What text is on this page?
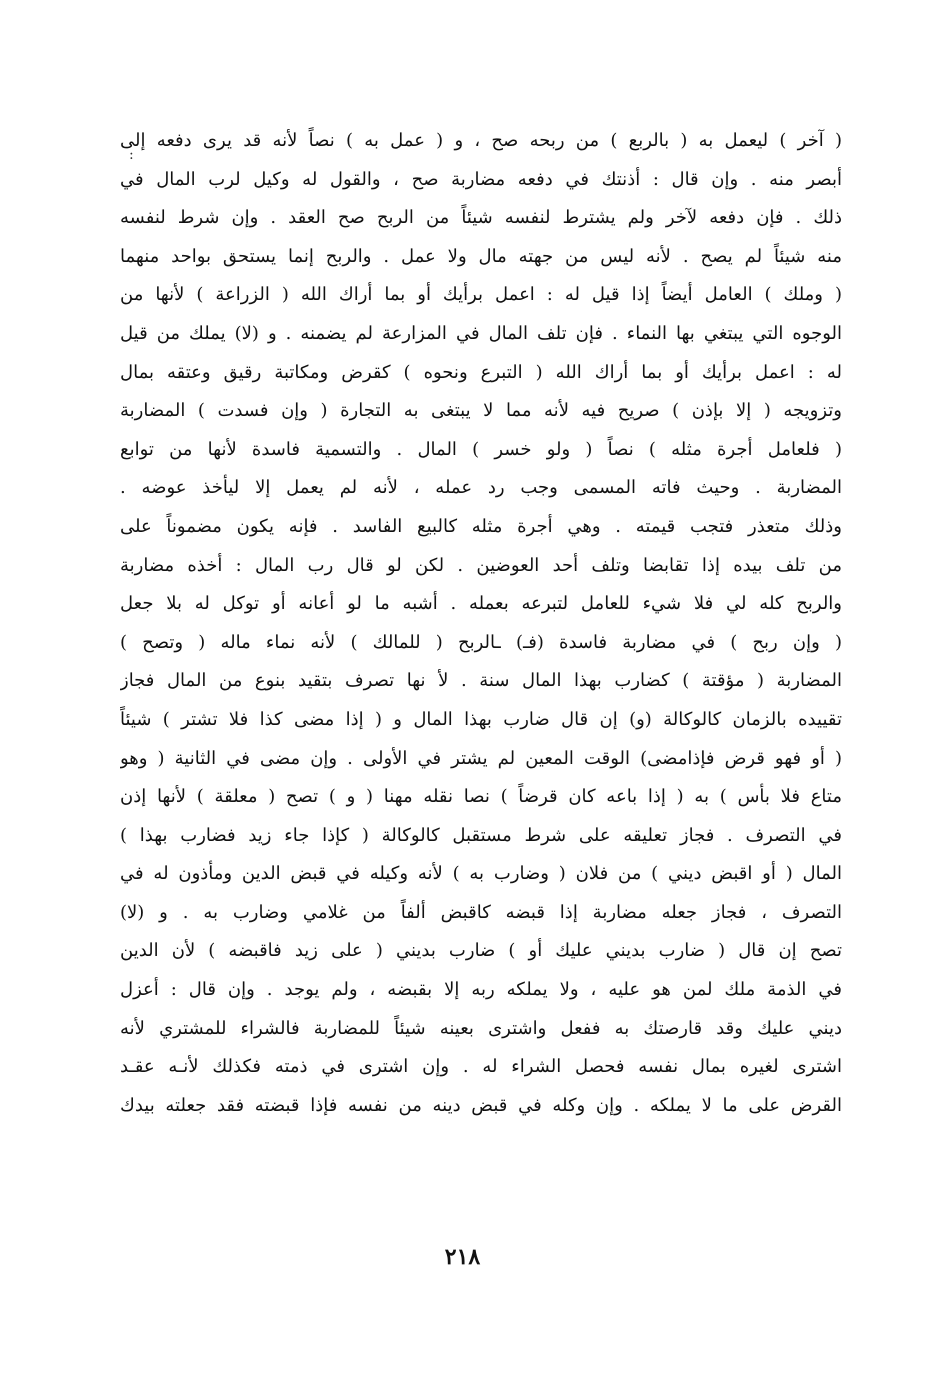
:
( آخر ) ليعمل به ( بالربع ) من ربحه صح ، و ( عمل به ) نصاً لأنه قد يرى دفعه إلى
أبصر منه . وإن قال : أذنتك في دفعه مضاربة صح ، والقول له وكيل لرب المال في
ذلك . فإن دفعه لآخر ولم يشترط لنفسه شيئاً من الربح صح العقد . وإن شرط لنفسه
منه شيئاً لم يصح . لأنه ليس من جهته مال ولا عمل . والربح إنما يستحق بواحد منهما
( وملك ) العامل أيضاً إذا قيل له : اعمل برأيك أو بما أراك الله ( الزراعة ) لأنها من
الوجوه التي يبتغي بها النماء . فإن تلف المال في المزارعة لم يضمنه . و (لا) يملك من قيل
له : اعمل برأيك أو بما أراك الله ( التبرع ونحوه ) كقرض ومكاتبة رقيق وعتقه بمال
وتزويجه ( إلا بإذن ) صريح فيه لأنه مما لا يبتغى به التجارة ( وإن فسدت ) المضاربة
( فلعامل أجرة مثله ) نصاً ( ولو خسر ) المال . والتسمية فاسدة لأنها من توابع
المضاربة . وحيث فاته المسمى وجب رد عمله ، لأنه لم يعمل إلا ليأخذ عوضه .
وذلك متعذر فتجب قيمته . وهي أجرة مثله كالبيع الفاسد . فإنه يكون مضموناً على
من تلف بيده إذا تقابضا وتلف أحد العوضين . لكن لو قال رب المال : أخذه مضاربة
والربح كله لي فلا شيء للعامل لتبرعه بعمله . أشبه ما لو أعانه أو توكل له بلا جعل
( وإن ربح ) في مضاربة فاسدة (فـ) ـالربح ( للمالك ) لأنه نماء ماله ( وتصح )
المضاربة ( مؤقتة ) كضارب بهذا المال سنة . لأ نها تصرف بتقيد بنوع من المال فجاز
تقييده بالزمان كالوكالة (و) إن قال ضارب بهذا المال و ( إذا مضى كذا فلا تشتر ) شيئاً
( أو فهو قرض فإذامضى) الوقت المعين لم يشتر في الأولى . وإن مضى في الثانية ( وهو
متاع فلا بأس ) به ( إذا باعه كان قرضاً ) نصا نقله مهنا ( و ) تصح ( معلقة ) لأنها إذن
في التصرف . فجاز تعليقه على شرط مستقبل كالوكالة ( كإذا جاء زيد فضارب بهذا )
المال ( أو اقبض ديني ) من فلان ( وضارب به ) لأنه وكيله في قبض الدين ومأذون له في
التصرف ، فجاز جعله مضاربة إذا قبضه كاقبض ألفاً من غلامي وضارب به . و (لا)
تصح إن قال ( ضارب بديني عليك أو ) ضارب بديني ( على زيد فاقبضه ) لأن الدين
في الذمة ملك لمن هو عليه ، ولا يملكه ربه إلا بقبضه ، ولم يوجد . وإن قال : أعزل
ديني عليك وقد قارصتك به ففعل واشترى بعينه شيئاً للمضاربة فالشراء للمشتري لأنه
اشترى لغيره بمال نفسه فحصل الشراء له . وإن اشترى في ذمته فكذلك لأنـه عقـد
القرض على ما لا يملكه . وإن وكله في قبض دينه من نفسه فإذا قبضته فقد جعلته بيدك
٢١٨
